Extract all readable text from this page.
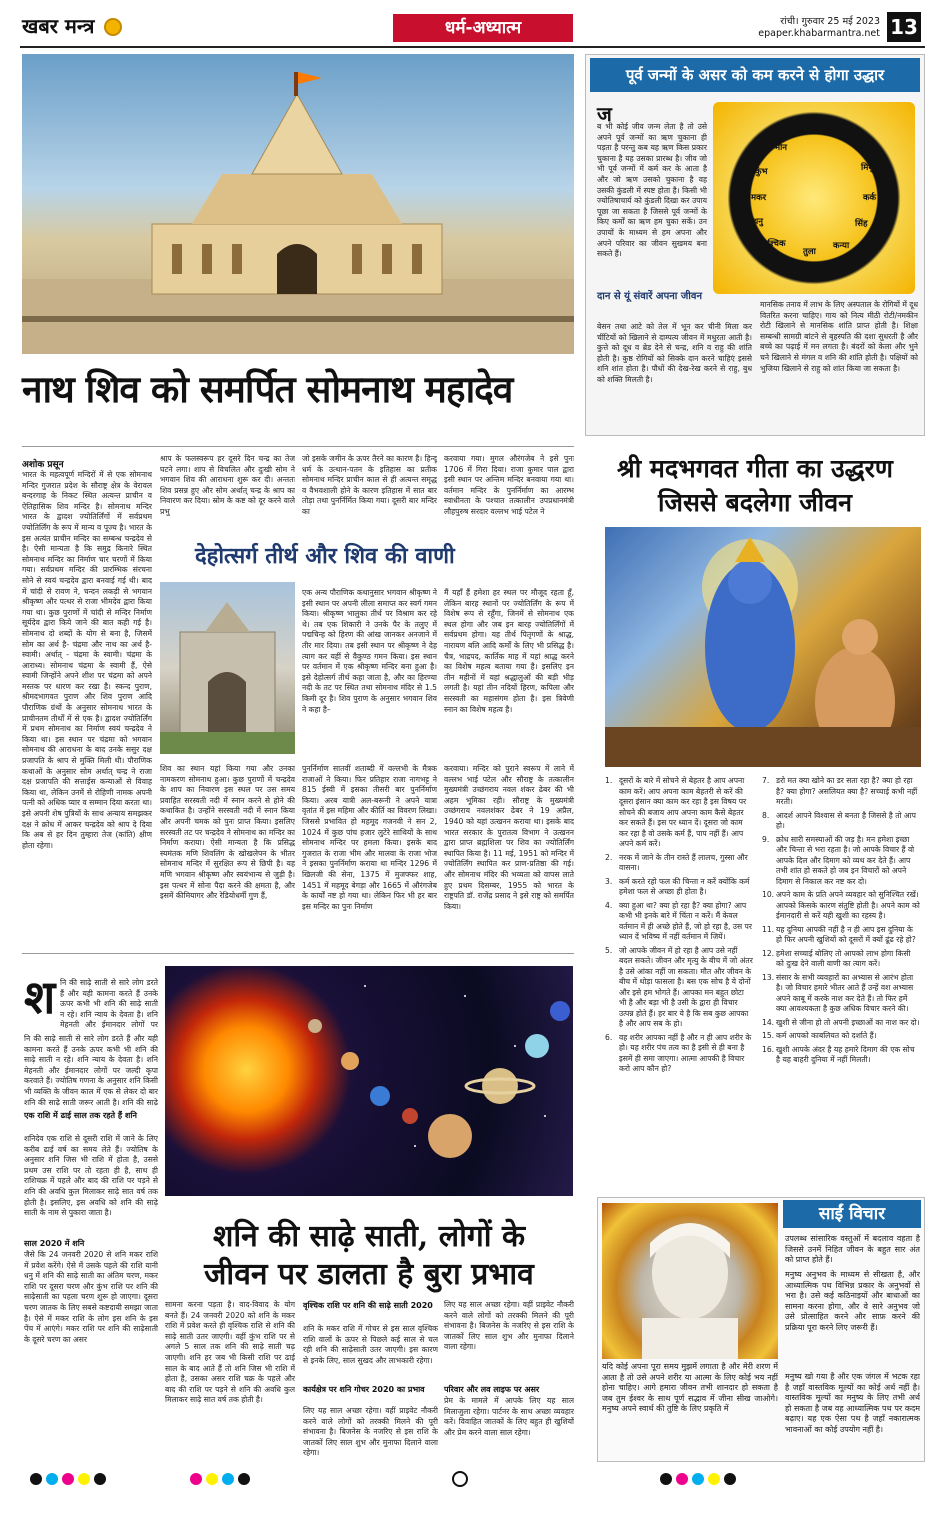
खबर मन्त्र	धर्म-अध्यात्म	रांची। गुरुवार 25 मई 2023
epaper.khabarmantra.net 13
नाथ शिव को समर्पित सोमनाथ महादेव
अशोक प्रसून
भारत के महत्वपूर्ण मन्दिरों में से एक सोमनाथ मन्दिर गुजरात प्रदेश के सौराष्ट्र क्षेत्र के वेरावल बन्दरगाह के निकट स्थित अत्यन्त प्राचीन व ऐतिहासिक शिव मन्दिर है। सोमनाथ मन्दिर भारत के द्वादश ज्योतिर्लिंगों में सर्वप्रथम ज्योतिर्लिंग के रूप में मान्य व पूज्य है। भारत के इस अत्यंत प्राचीन मन्दिर का सम्बन्ध चन्द्रदेव से है। ऐसी मान्यता है कि समुद्र किनारे स्थित सोमनाथ मन्दिर का निर्माण चार चरणों में किया गया। सर्वप्रथम मन्दिर की प्रारम्भिक संरचना सोने से स्वयं चन्द्रदेव द्वारा बनवाई गई थी। बाद में चांदी से रावण ने, चन्दन लकड़ी से भगवान श्रीकृष्ण और पत्थर से राजा भीमदेव द्वारा किया गया था। कुछ पुराणों में चांदी से मन्दिर निर्माण सूर्यदेव द्वारा किये जाने की बात कही गई है। सोमनाथ दो शब्दों के योग से बना है, जिसमें सोम का अर्थ है- चंद्रमा और नाथ का अर्थ है- स्वामी। अर्थात् - चंद्रमा के स्वामी। चंद्रमा के आराध्य। सोमनाथ चंद्रमा के स्वामी हैं, ऐसे स्वामी जिन्होंने अपने शीश पर चंद्रमा को अपने मस्तक पर धारण कर रखा है। स्कन्द पुराण, श्रीमदभागवत पुराण और शिव पुराण आदि पौराणिक ग्रंथों के अनुसार सोमनाथ भारत के प्राचीनतम तीर्थों में से एक है। द्वादश ज्योतिर्लिंग में प्रथम सोमनाथ का निर्माण स्वयं चन्द्रदेव ने किया था। इस स्थान पर चंद्रमा को भगवान सोमनाथ की आराधना के बाद उनके ससुर दक्ष प्रजापति के श्राप से मुक्ति मिली थी। पौराणिक कथाओं के अनुसार सोम अर्थात् चन्द्र ने राजा दक्ष प्रजापति की सत्ताईस कन्याओं से विवाह किया था, लेकिन उनमें से रोहिणी नामक अपनी पत्नी को अधिक प्यार व सम्मान दिया करता था। इसे अपनी शेष पुत्रियों के साथ अन्याय समझकर दक्ष ने क्रोध में आकर चन्द्रदेव को श्राप दे दिया कि अब से हर दिन तुम्हारा तेज (कांति) क्षीण होता रहेगा।
श्राप के फलस्वरूप हर दूसरे दिन चन्द्र का तेज घटने लगा। शाप से विचलित और दुःखी सोम ने भगवान शिव की आराधना शुरू कर दी। अन्ततः शिव प्रसन्न हुए और सोम अर्थात् चन्द्र के श्राप का निवारण कर दिया। स्रोम के कष्ट को दूर करने वाले प्रभु
जो इसके जमीन के ऊपर तैरने का कारण है। हिन्दू धर्म के उत्थान-पतन के इतिहास का प्रतीक सोमनाथ मन्दिर प्राचीन काल से ही अत्यन्त समृद्ध व वैभवशाली होने के कारण इतिहास में सात बार तोड़ा तथा पुनर्निर्मित किया गया। दूसरी बार मन्दिर का
करवाया गया। मुगल औरंगजेब ने इसे पुनः 1706 में गिरा दिया। राजा कुमार पाल द्वारा इसी स्थान पर अन्तिम मन्दिर बनवाया गया था। वर्तमान मन्दिर के पुनर्निर्माण का आरम्भ स्वाधीनता के पश्चात तत्कालीन उपप्रधानमंत्री लौहपुरुष सरदार वल्लभ भाई पटेल ने
देहोत्सर्ग तीर्थ और शिव की वाणी
एक अन्य पौराणिक कथानुसार भगवान श्रीकृष्ण ने इसी स्थान पर अपनी लीला समाप्त कर स्वर्ग गमन किया। श्रीकृष्ण भालुका तीर्थ पर विश्राम कर रहे थे। तब एक शिकारी ने उनके पैर के तलुए में पद्मचिन्ह को हिरण की आंख जानकर अनजाने में तीर मार दिया। तब इसी स्थान पर श्रीकृष्ण ने देह त्याग कर यहीं से वैकुण्ठ गमन किया। इस स्थान पर वर्तमान में एक श्रीकृष्ण मन्दिर बना हुआ है। इसे देहोत्सर्ग तीर्थ कहा जाता है, और का हिरण्या नदी के तट पर स्थित तथा सोमनाथ मंदिर से 1.5 किमी दूर है। शिव पुराण के अनुसार भगवान शिव ने कहा है–
मैं यहाँ हैं हमेशा हर स्थल पर मौजूद रहता हूँ, लेकिन बारह स्थानों पर ज्योतिर्लिंग के रूप में विशेष रूप से रहूँगा, जिनमें से सोमनाथ एक स्थल होगा और जब इन बारह ज्योतिर्लिंगों में सर्वप्रथम होगा। यह तीर्थ पितृगणों के श्राद्ध, नारायण बलि आदि कर्मों के लिए भी प्रसिद्ध है। चैत्र, भाद्रपद, कार्तिक माह में यहां श्राद्ध करने का विशेष महत्व बताया गया है। इसलिए इन तीन महीनों में यहां श्रद्धालुओं की बड़ी भीड़ लगती है। यहां तीन नदियों हिरण, कपिला और सरस्वती का महासंगम होता है। इस त्रिवेणी स्नान का विशेष महत्व है।
शिव का स्थान यहां किया गया और उनका नामकरण सोमनाथ हुआ। कुछ पुराणों में चन्द्रदेव के शाप का निवारण इस स्थल पर उस समय प्रवाहित सरस्वती नदी में स्नान करने से होने की कथाकित है। उन्होंने सरस्वती नदी में स्नान किया और अपनी चमक को पुनः प्राप्त किया। इसलिए सरस्वती तट पर चन्द्रदेव ने सोमनाथ का मन्दिर का निर्माण कराया। ऐसी मान्यता है कि प्रसिद्ध स्यमंतक मणि शिवलिंग के खोखलेपन के भीतर सोमनाथ मन्दिर में सुरक्षित रूप से छिपी है। यह मणि भगवान श्रीकृष्ण और स्वयंभान्य से जुड़ी है। इस पत्थर में सोना पैदा करने की क्षमता है, और इसमें कीमियागर और रेडियोधर्मी गुण हैं,
पुनर्निर्माण सातवीं शताब्दी में वल्लभी के मैत्रक राजाओं ने किया। फिर प्रतिहार राजा नागभट्ट ने 815 ईस्वी में इसका तीसरी बार पुनर्निर्माण किया। अरब यात्री अल-बरूनी ने अपने यात्रा वृतांत में इस महिमा और कीर्ति का विवरण लिखा। जिससे प्रभावित हो महमूद गजनवी ने सन 2, 1024 में कुछ पांच हजार लुटेरे साथियों के साथ सोमनाथ मन्दिर पर हमला किया। इसके बाद गुजरात के राजा भीम और मालवा के राजा भोज ने इसका पुनर्निर्माण कराया था मन्दिर 1296 में खिलजी की सेना, 1375 में मुजफ्फर शाह, 1451 में महमूद बेगड़ा और 1665 में औरंगजेब के कार्यों नष्ट हो गया था। लेकिन फिर भी हर बार इस मन्दिर का पुनः निर्माण
करवाया। मन्दिर को पुराने स्वरूप में लाने में वल्लभ भाई पटेल और सौराष्ट्र के तत्कालीन मुख्यमंत्री उच्छंगराय नवल शंकर ढेबर की भी अहम भूमिका रही। सौराष्ट्र के मुख्यमंत्री उच्छंगराय नवलशंकर ढेबर ने 19 अप्रैल, 1940 को यहां उत्खनन कराया था। इसके बाद भारत सरकार के पुरातत्व विभाग ने उत्खनन द्वारा प्राप्त ब्रह्मशिला पर शिव का ज्योतिर्लिंग स्थापित किया है। 11 मई, 1951 को मन्दिर में ज्योतिर्लिंग स्थापित कर प्राण-प्रतिष्ठा की गई। और सोमनाथ मंदिर की भव्यता को वापस लाते हुए प्रथम दिसम्बर, 1955 को भारत के राष्ट्रपति डॉ. राजेंद्र प्रसाद ने इसे राष्ट्र को समर्पित किया।
पूर्व जन्मों के असर को कम करने से होगा उद्धार
ज
ब भी कोई जीव जन्म लेता है तो उसे अपने पूर्व जन्मों का ऋण चुकाना ही पड़ता है परन्तु कब यह ऋण किस प्रकार चुकाना है यह उसका प्रारब्ध है। जीव जो भी पूर्व जन्मों में कर्म कर के आता है और जो ऋण उसको चुकाना है वह उसकी कुंडली में स्पष्ट होता है। किसी भी ज्योतिषाचार्य को कुंडली दिखा कर उपाय पूछा जा सकता है जिससे पूर्व जन्मों के किए कर्मों का ऋण हम चुका सकें। उन उपायों के माध्यम से हम अपना और अपने परिवार का जीवन सुखमय बना सकते हैं।
मेष
वृषभ
मिथुन
कर्क
सिंह
कन्या
तुला
वृश्चिक
धनु
मकर
कुंभ
मीन
दान से यूं संवारें अपना जीवन
बेसन तथा आटे को तेल में भून कर चीनी मिला कर चींटियों को खिलाने से दाम्पत्य जीवन में मधुरता आती है। कुत्ते को दूध व ब्रेड देने से चन्द्र, शनि व राहु की शांति होती है। कुष्ठ रोगियों को सिक्के दान करने चाहिएं इससे शनि शांत होता है। पौधों की देख-रेख करने से राहु, बुध को शक्ति मिलती है।
मानसिक तनाव में लाभ के लिए अस्पताल के रोगियों में दूध वितरित करना चाहिए। गाय को नित्य मीठी रोटी/नमकीन रोटी खिलाने से मानसिक शांति प्राप्त होती है। शिक्षा सम्बन्धी सामग्री बांटने से बृहस्पति की दशा सुधरती है और बच्चे का पढ़ाई में मन लगता है। बंदरों को केला और भुने चने खिलाने से मंगल व शनि की शांति होती है। पक्षियों को भुजिया खिलाने से राहु को शांत किया जा सकता है।
श्री मदभगवत गीता का उद्धरण
जिससे बदलेगा जीवन
1. दूसरों के बारे में सोचने से बेहतर है आप अपना काम करें। आप अपना काम बेहतरी से करें की दूसरा इंसान क्या काम कर रहा है इस विषय पर सोचने की बजाय आप अपना काम कैसे बेहतर कर सकते हैं। इस पर ध्यान दें। दूसरा जो काम कर रहा है वो उसके कर्म हैं, पाप नहीं हैं। आप अपने कर्म करें।
2. नरक में जाने के तीन रास्ते हैं लालच, गुस्सा और वासना।
3. कर्म करते रहो फल की चिन्ता न करें क्योंकि कर्म हमेशा फल से अच्छा ही होता है।
4. क्या हुआ था? क्या हो रहा है? क्या होगा? आप कभी भी इनके बारे में चिंता न करें। मैं केवल वर्तमान में ही अच्छे होते हैं, जो हो रहा है, उस पर ध्यान दें भविष्य में नहीं वर्तमान में जियें।
5. जो आपके जीवन में हो रहा है आप उसे नहीं बदल सकते। जीवन और मृत्यु के बीच में जो अंतर है उसे आंका नहीं जा सकता। मौत और जीवन के बीच में थोड़ा फासला है। बस एक सोच है ये दोनों और इसे हम भोगते हैं। आपका मन बहुत छोटा भी है और बड़ा भी है उसी के द्वारा ही विचार उत्पन्न होते हैं। हर बार ये है कि सब कुछ आपका है और आप सब के हो।
6. वह शरीर आपका नहीं है और न ही आप शरीर के हो। यह शरीर पंच तत्व का है इसी से ही बना है इसमें ही समा जाएगा। आत्मा आपकी है विचार करो आप कौन हो?
7. डरो मत क्या खोने का डर सता रहा है? क्या हो रहा है? क्या होगा? असलियत क्या है? सच्चाई कभी नहीं मरती।
8. आदर्श आपने विश्वास से बनता है जिससे है तो आप हो।
9. क्रोध सारी समस्याओं की जड़ है। मन हमेशा इच्छा और चिन्ता से भरा रहता है। जो आपके विचार हैं वो आपके दिल और दिमाग को व्यथ कर देते हैं। आप तभी शांत हो सकते हो जब इन विचारों को अपने दिमाग से निकाल कर नष्ट कर दो।
10. अपने काम के प्रति अपने व्यवहार को सुनिश्चित रखें। आपको किसके कारण संतुष्टि होती है। अपने काम को ईमानदारी से करें यही खुशी का रहस्य है।
11. यह दुनिया आपकी नहीं है न ही आप इस दुनिया के हो फिर अपनी खुशियों को दूसरों में क्यों ढूंढ रहे हो?
12. हमेशा सच्चाई बोलिए तो आपको लाभ होगा किसी को दुःख देने वाली वाणी का त्याग करें।
13. संसार के सभी व्यवहारों का अभ्यास से आरंभ होता है। जो विचार हमारे भीतर आते हैं उन्हें वश अभ्यास अपने काबू में करके नाश कर देते हैं। तो फिर हमें क्या आवश्यकता है कुछ अधिक विचार करने की।
14. खुशी से जीना हो तो अपनी इच्छाओं का नाश कर दो।
15. कर्म आपको काबलियत को दर्शाते हैं।
16. खुशी आपके अंदर है यह हमारे दिमाग की एक सोच है यह बाहरी दुनिया में नहीं मिलती।
साईं विचार
उपलब्ध सांसारिक वस्तुओं में बदलाव वहता है जिससे उनमें निहित जीवन के बहुत सार अंत को प्राप्त होते हैं।
मनुष्य अनुभव के माध्यम से सीखता है, और आध्यात्मिक पथ विभिन्न प्रकार के अनुभवों से भरा है। उसे कई कठिनाइयों और बाधाओं का सामना करना होगा, और वे सारे अनुभव जो उसे प्रोत्साहित करने और साफ़ करने की प्रक्रिया पूरा करने लिए जरूरी हैं।
मनुष्य खो गया है और एक जंगल में भटक रहा है जहाँ वास्तविक मूल्यों का कोई अर्थ नहीं है। वास्तविक मूल्यों का मनुष्य के लिए तभी अर्थ हो सकता है जब वह आध्यात्मिक पथ पर कदम बढ़ाए। यह एक ऐसा पथ है जहाँ नकारात्मक भावनाओं का कोई उपयोग नहीं है।
यदि कोई अपना पूरा समय मुझमें लगाता है और मेरी शरण में आता है तो उसे अपने शरीर या आत्मा के लिए कोई भय नहीं होना चाहिए। आगे हमारा जीवन तभी शानदार हो सकता है जब तुम ईश्वर के साथ पूर्ण सद्भाव में जीना सीख जाओगे। मनुष्य अपने स्वार्थ की तुष्टि के लिए प्रकृति में
श नि की साढ़े साती से सारे लोग डरते हैं और यही कामना करते हैं उनके ऊपर कभी भी शनि की साढ़े साती न रहे। शनि न्याय के देवता है। शनि मेहनती और ईमानदार लोगों पर
नि की साढ़े साती से सारे लोग डरते हैं और यही कामना करते हैं उनके ऊपर कभी भी शनि की साढ़े साती न रहे। शनि न्याय के देवता है। शनि मेहनती और ईमानदार लोगों पर जल्दी कृपा करवाते हैं। ज्योतिष गणना के अनुसार शनि किसी भी व्यक्ति के जीवन काल में एक से लेकर दो बार शनि की साढ़े साती जरूर आती है। शनि की साढ़े
एक राशि में ढाई साल तक रहते हैं शनि
शनिदेव एक राशि से दूसरी राशि में जाने के लिए करीब ढाई वर्ष का समय लेते हैं। ज्योतिष के अनुसार शनि जिस भी राशि में होता है, उससे प्रथम उस राशि पर तो रहता ही है, साथ ही राशिचक्र में पहले और बाद की राशि पर पड़ने से शनि की अवधि कुल मिलाकर साढ़े सात वर्ष तक होती है। इसलिए, इस अवधि को शनि की साढ़े साती के नाम से पुकारा जाता है।
साल 2020 में शनि
जैसे कि 24 जनवरी 2020 से शनि मकर राशि में प्रवेश करेंगे। ऐसे में उसके पहले की राशि यानी धनु में शनि की साढ़े साती का अंतिम चरण, मकर राशि पर दूसरा चरण और कुंभ राशि पर शनि की साढ़ेसाती का पहला चरण शुरू हो जाएगा। दूसरा चरण जातक के लिए सबसे कष्टदायी समझा जाता है। ऐसे में मकर राशि के लोग इस शनि के इस पेंच में आएंगे। मकर राशि पर शनि की साढ़ेसाती के दूसरे चरण का असर
शनि की साढ़े साती, लोगों के
जीवन पर डालता है बुरा प्रभाव
सामना करना पड़ता है। वाद-विवाद के योग बनते हैं। 24 जनवरी 2020 को शनि के मकर राशि में प्रवेश करते ही वृश्चिक राशि से शनि की साढ़े साती उतर जाएगी। वहीं कुंभ राशि पर से अगले 5 साल तक शनि की साढ़े साती चढ़ जाएगी। शनि हर जब भी किसी राशि पर ढाई साल के बाद आते हैं तो शनि जिस भी राशि में होता है, उसका असर राशि चक्र के पहले और बाद की राशि पर पड़ने से शनि की अवधि कुल मिलाकर साढ़े सात वर्ष तक होती है।
वृश्चिक राशि पर शनि की साढ़े साती 2020
शनि के मकर राशि में गोचर से इस साल वृश्चिक राशि वालों के ऊपर से पिछले कई साल से चल रही शनि की साढ़ेसाती उतर जाएगी। इस कारण से इनके लिए, साल सुखद और लाभकारी रहेगा।
कार्यक्षेत्र पर शनि गोचर 2020 का प्रभाव
लिए यह साल अच्छा रहेगा। वहीं प्राइवेट नौकरी करने वाले लोगों को तरक्की मिलने की पूरी संभावना है। बिजनेस के नजरिए से इस राशि के जातकों लिए साल शुभ और मुनाफा दिलाने वाला रहेगा।
परिवार और लव लाइफ पर असर
लिए यह साल अच्छा रहेगा। वहीं प्राइवेट नौकरी करने वाले लोगों को तरक्की मिलने की पूरी संभावना है। बिजनेस के नजरिए से इस राशि के जातकों लिए साल शुभ और मुनाफा दिलाने वाला रहेगा।
प्रेम के मामले में आपके लिए यह साल मिलाजुला रहेगा। पार्टनर के साथ अच्छा व्यवहार करें। विवाहित जातकों के लिए बहुत ही खुशियों और प्रेम करने वाला साल रहेगा।
